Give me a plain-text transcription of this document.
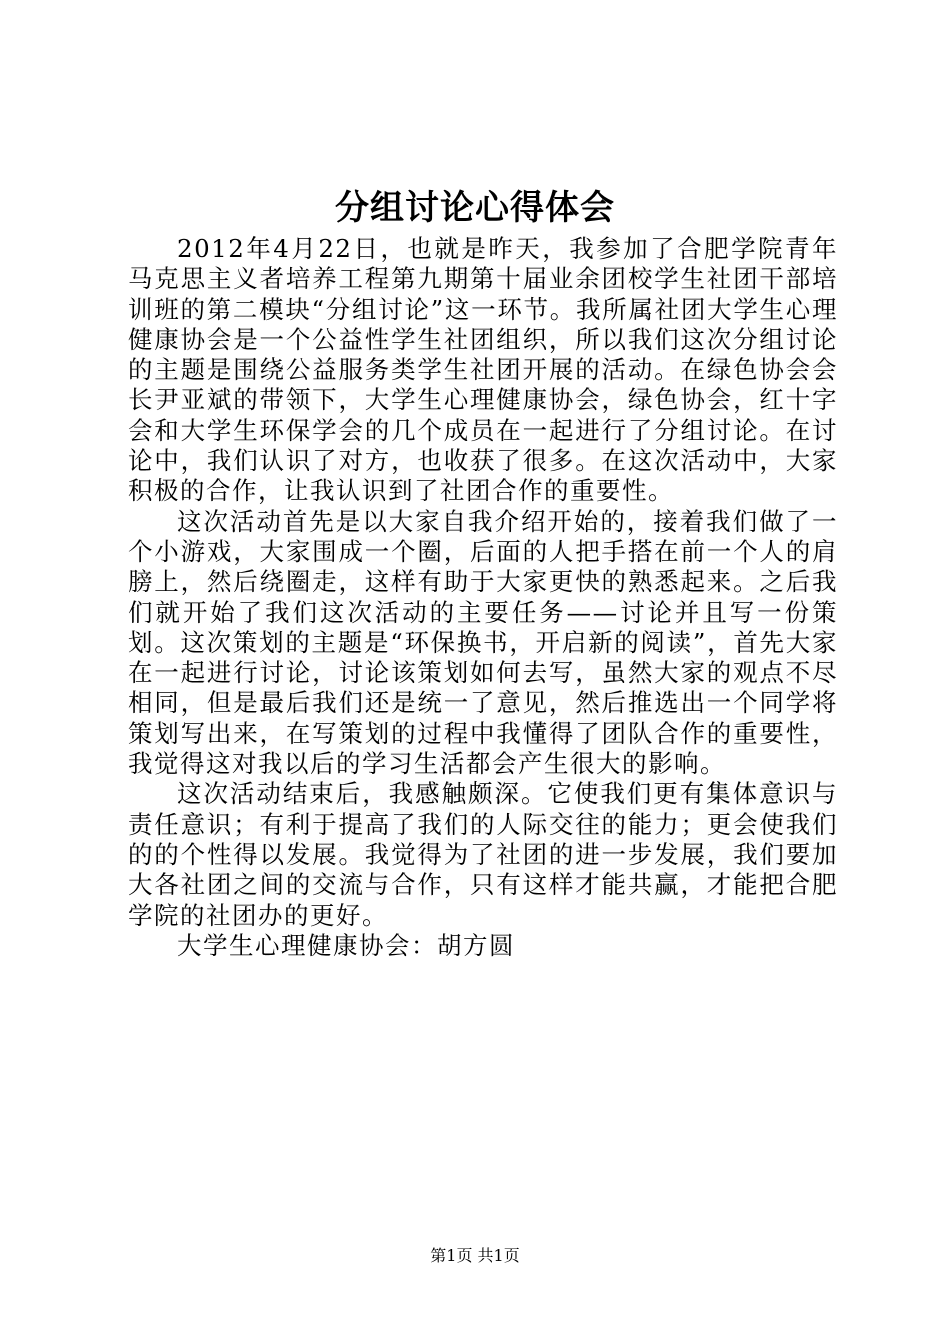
分组讨论心得体会

2012年4月22日，也就是昨天，我参加了合肥学院青年马克思主义者培养工程第九期第十届业余团校学生社团干部培训班的第二模块“分组讨论”这一环节。我所属社团大学生心理健康协会是一个公益性学生社团组织，所以我们这次分组讨论的主题是围绕公益服务类学生社团开展的活动。在绿色协会会长尹亚斌的带领下，大学生心理健康协会，绿色协会，红十字会和大学生环保学会的几个成员在一起进行了分组讨论。在讨论中，我们认识了对方，也收获了很多。在这次活动中，大家积极的合作，让我认识到了社团合作的重要性。

这次活动首先是以大家自我介绍开始的，接着我们做了一个小游戏，大家围成一个圈，后面的人把手搭在前一个人的肩膀上，然后绕圈走，这样有助于大家更快的熟悉起来。之后我们就开始了我们这次活动的主要任务——讨论并且写一份策划。这次策划的主题是“环保换书，开启新的阅读”，首先大家在一起进行讨论，讨论该策划如何去写，虽然大家的观点不尽相同，但是最后我们还是统一了意见，然后推选出一个同学将策划写出来，在写策划的过程中我懂得了团队合作的重要性，我觉得这对我以后的学习生活都会产生很大的影响。

这次活动结束后，我感触颇深。它使我们更有集体意识与责任意识；有利于提高了我们的人际交往的能力；更会使我们的的个性得以发展。我觉得为了社团的进一步发展，我们要加大各社团之间的交流与合作，只有这样才能共赢，才能把合肥学院的社团办的更好。

大学生心理健康协会：胡方圆

第1页 共1页
